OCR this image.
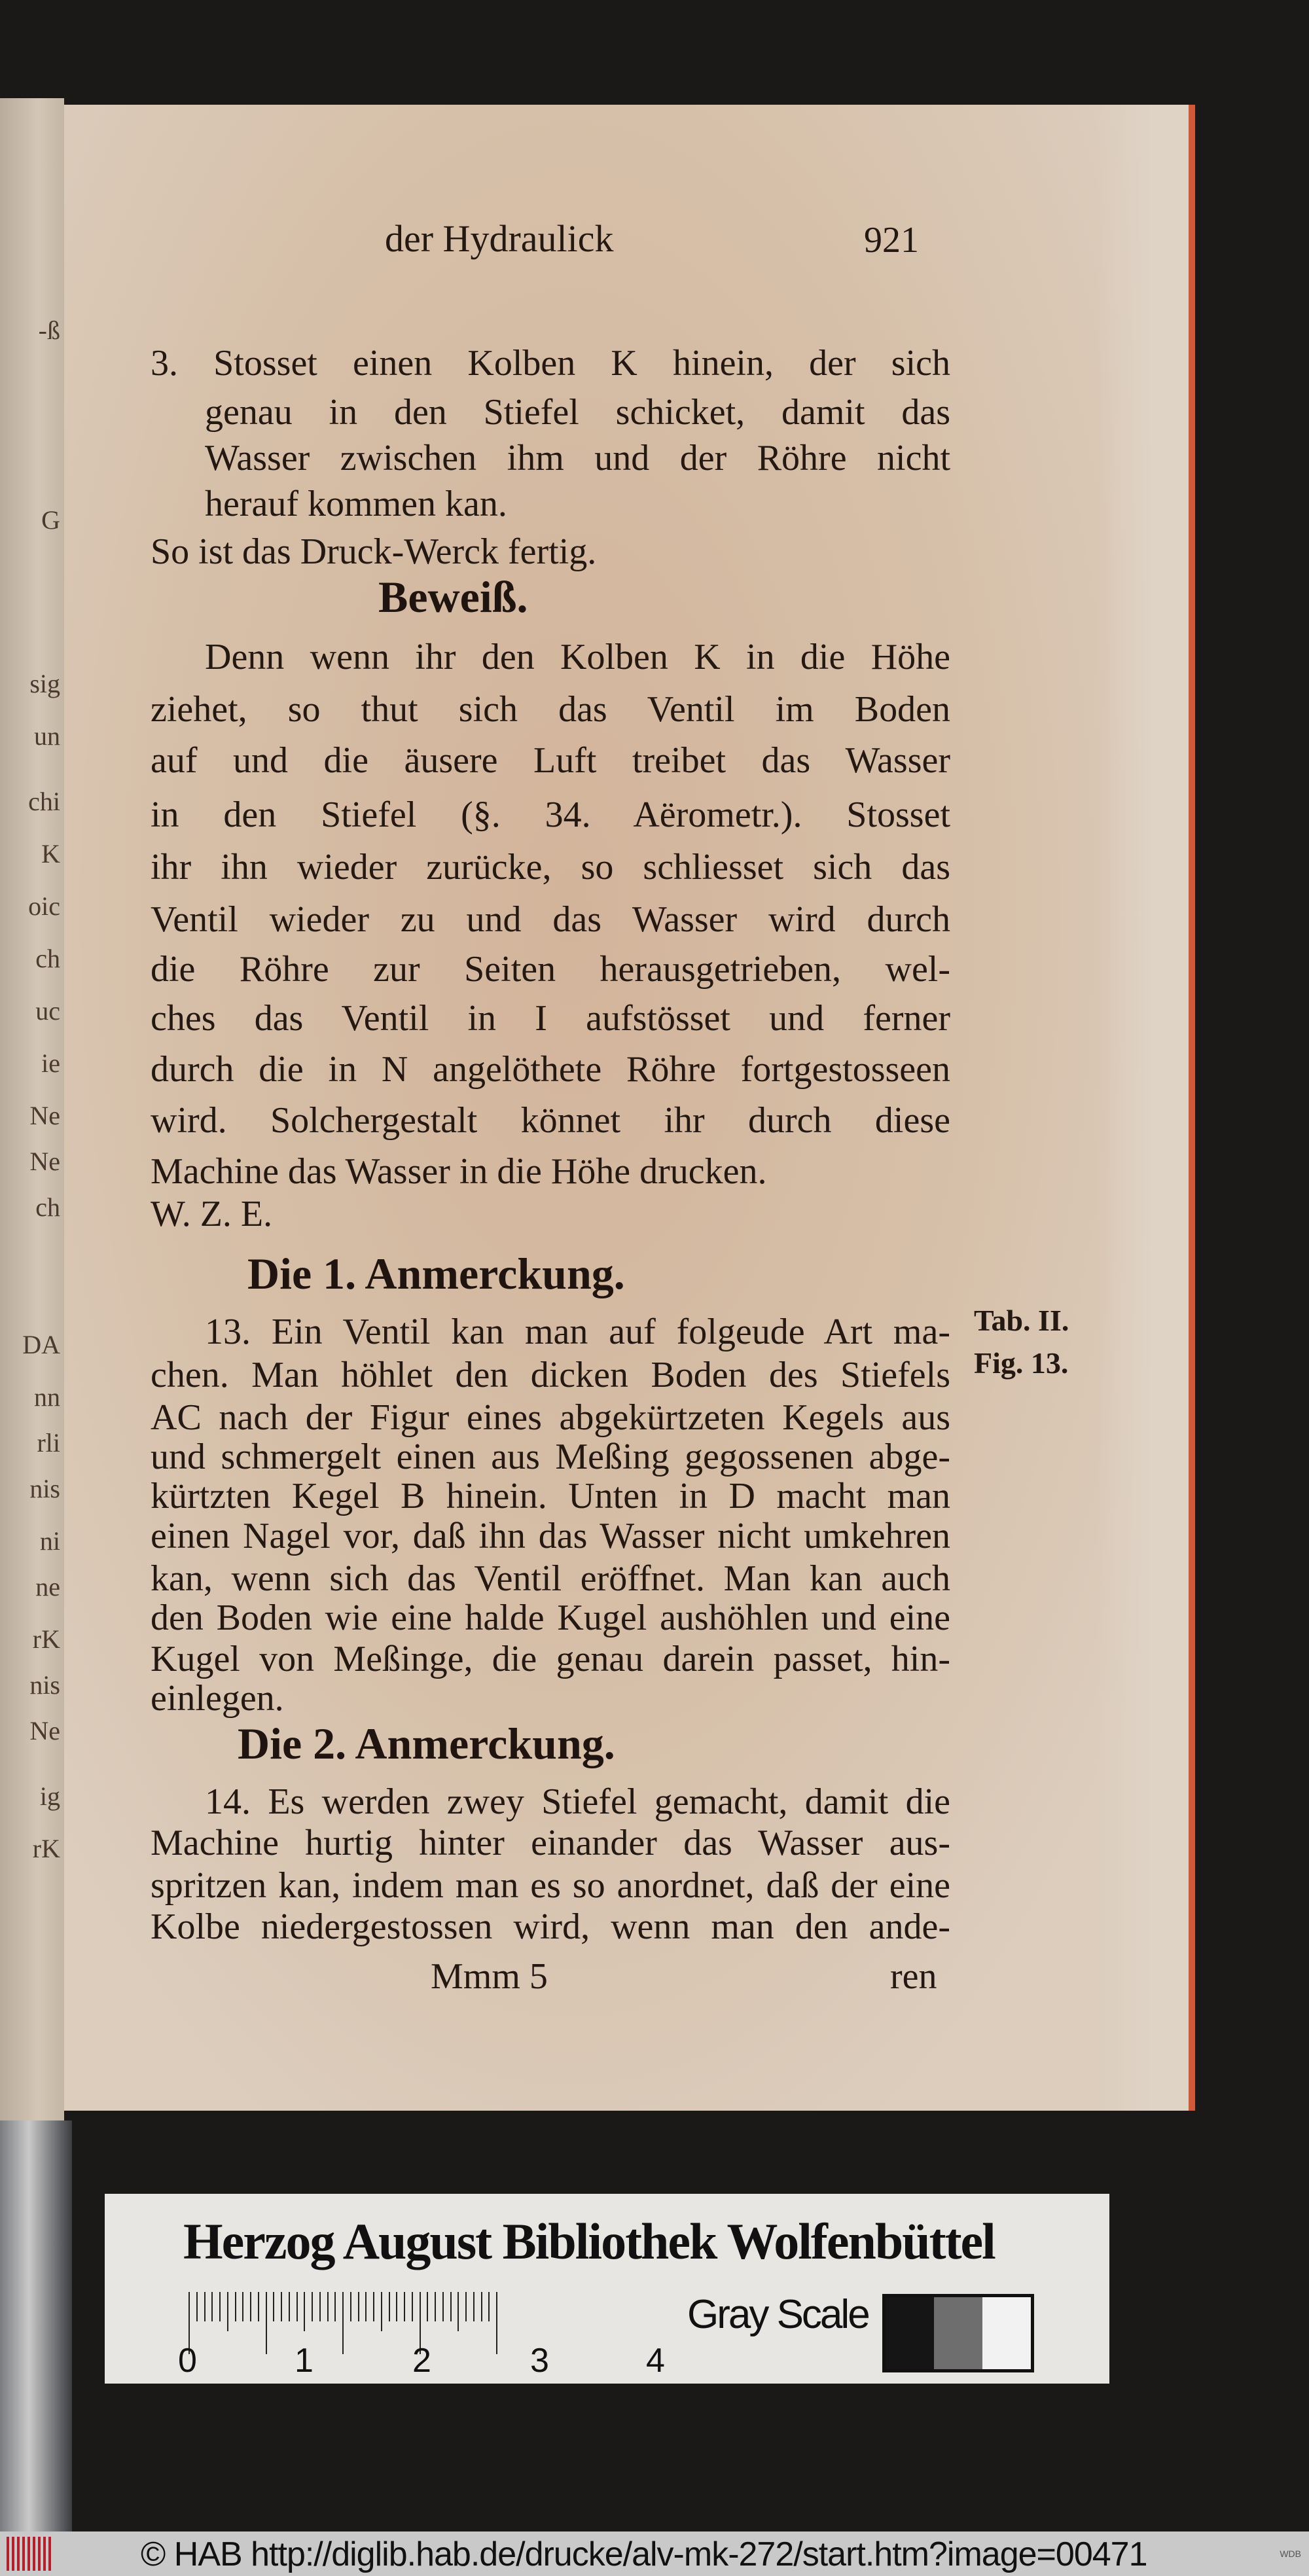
-ß
G
sig
un
chi
K
oic
ch
uc
ie
Ne
Ne
ch
DA
nn
rli
nis
ni
ne
rK
nis
Ne
ig
rK
der Hydraulick	921
Tab. II.
Fig. 13.
Mmm 5	ren
3. Stosset einen Kolben K hinein, der sich
genau in den Stiefel schicket, damit das
Wasser zwischen ihm und der Röhre nicht
herauf kommen kan.
So ist das Druck-Werck fertig.
Beweiß.
Denn wenn ihr den Kolben K in die Höhe
ziehet, so thut sich das Ventil im Boden
auf und die äusere Luft treibet das Wasser
in den Stiefel (§. 34. Aërometr.). Stosset
ihr ihn wieder zurücke, so schliesset sich das
Ventil wieder zu und das Wasser wird durch
die Röhre zur Seiten herausgetrieben, wel-
ches das Ventil in I aufstösset und ferner
durch die in N angelöthete Röhre fortgestosseen
wird. Solchergestalt könnet ihr durch diese
Machine das Wasser in die Höhe drucken.
W. Z. E.
Die 1. Anmerckung.
13. Ein Ventil kan man auf folgeude Art ma-
chen. Man höhlet den dicken Boden des Stiefels
AC nach der Figur eines abgekürtzeten Kegels aus
und schmergelt einen aus Meßing gegossenen abge-
kürtzten Kegel B hinein. Unten in D macht man
einen Nagel vor, daß ihn das Wasser nicht umkehren
kan, wenn sich das Ventil eröffnet. Man kan auch
den Boden wie eine halde Kugel aushöhlen und eine
Kugel von Meßinge, die genau darein passet, hin-
einlegen.
Die 2. Anmerckung.
14. Es werden zwey Stiefel gemacht, damit die
Machine hurtig hinter einander das Wasser aus-
spritzen kan, indem man es so anordnet, daß der eine
Kolbe niedergestossen wird, wenn man den ande-
Herzog August Bibliothek Wolfenbüttel
0	1	2	3	4
Gray Scale
© HAB http://diglib.hab.de/drucke/alv-mk-272/start.htm?image=00471	WDB
